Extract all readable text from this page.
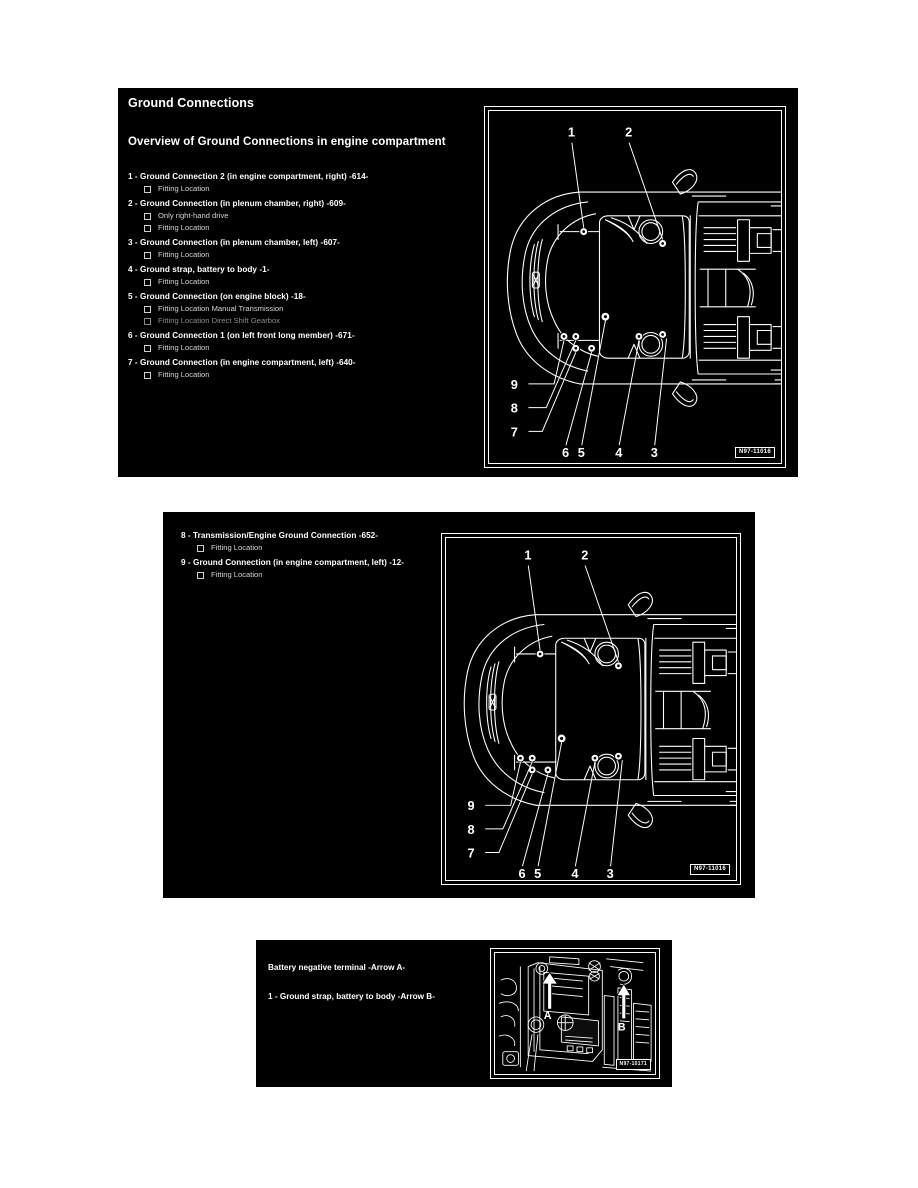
Ground Connections
Overview of Ground Connections in engine compartment
1 - Ground Connection 2 (in engine compartment, right) -614-
Fitting Location
2 - Ground Connection (in plenum chamber, right) -609-
Only right-hand drive
Fitting Location
3 - Ground Connection (in plenum chamber, left) -607-
Fitting Location
4 - Ground strap, battery to body -1-
Fitting Location
5 - Ground Connection (on engine block) -18-
Fitting Location Manual Transmission
Fitting Location Direct Shift Gearbox
6 - Ground Connection 1 (on left front long member) -671-
Fitting Location
7 - Ground Connection (in engine compartment, left) -640-
Fitting Location
1	2
9
8
7
6 5 4 3	N97-11016
8 - Transmission/Engine Ground Connection -652-
Fitting Location
9 - Ground Connection (in engine compartment, left) -12-
Fitting Location
1	2
9
8
7
6 5 4 3	N97-11016
Battery negative terminal -Arrow A-
1 - Ground strap, battery to body -Arrow B-
A
B
N97-10171
